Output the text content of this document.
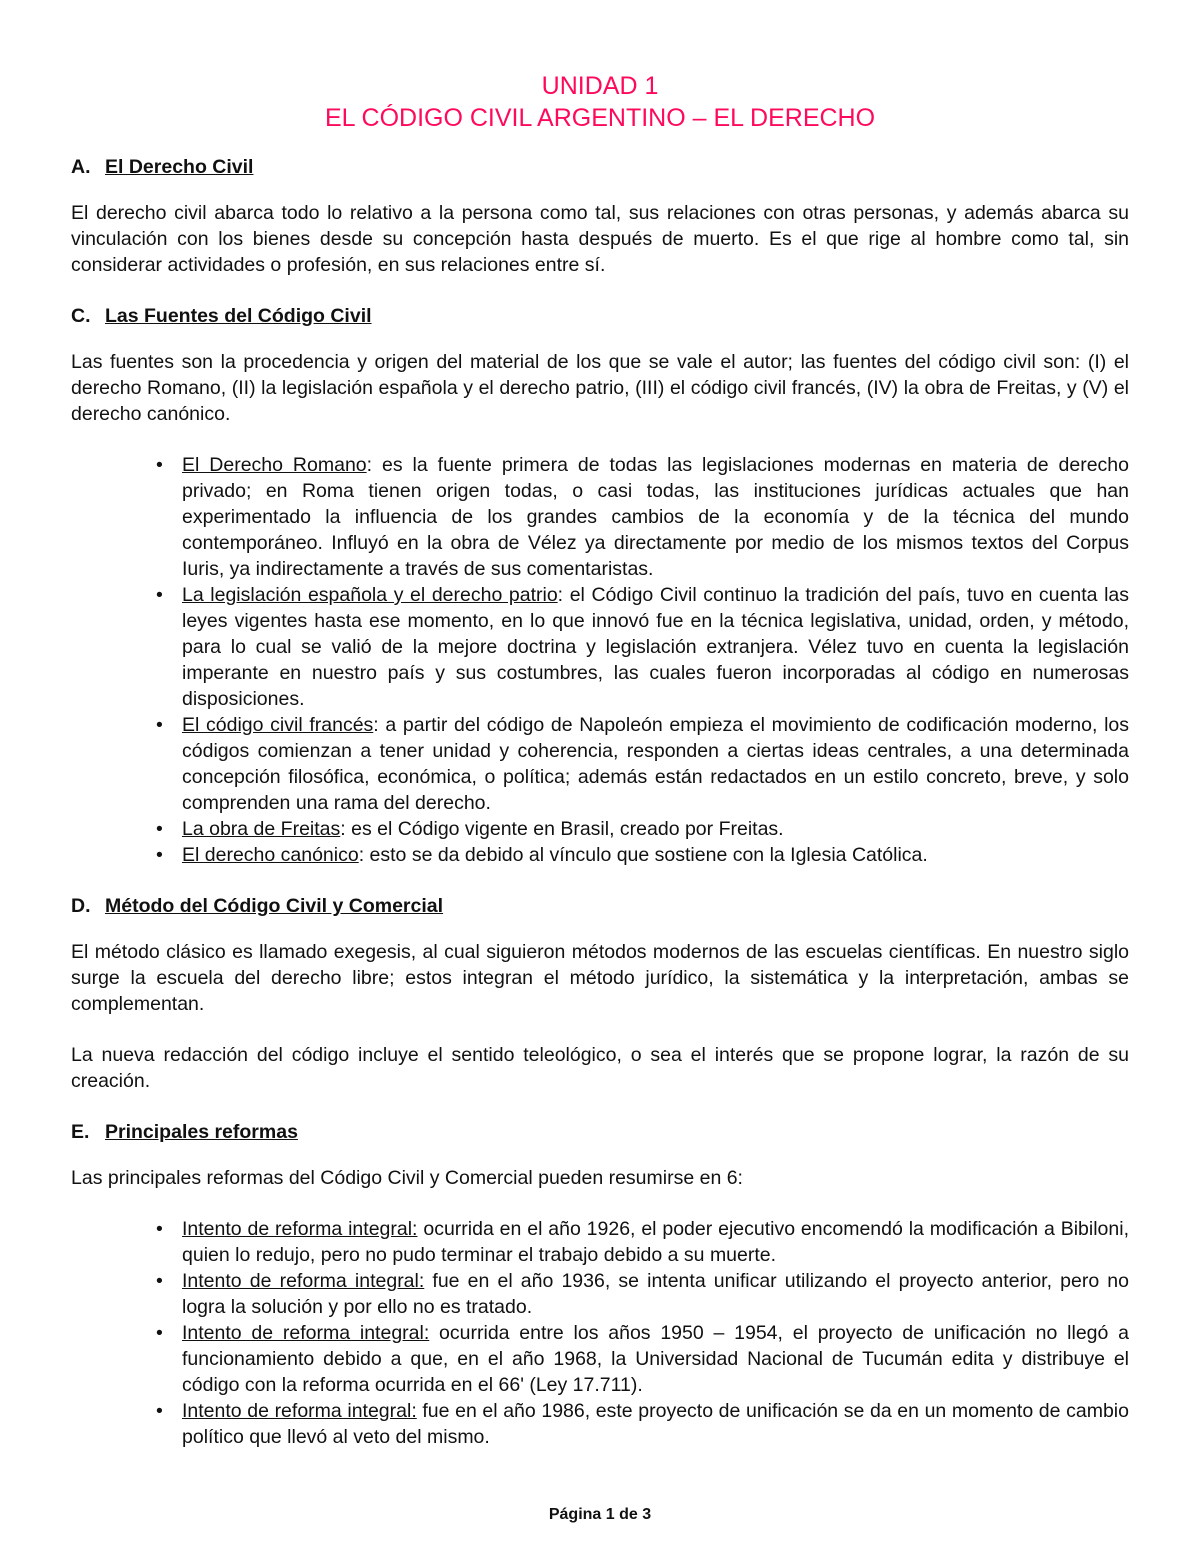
UNIDAD 1
EL CÓDIGO CIVIL ARGENTINO – EL DERECHO
A. El Derecho Civil

El derecho civil abarca todo lo relativo a la persona como tal, sus relaciones con otras personas, y además abarca su vinculación con los bienes desde su concepción hasta después de muerto. Es el que rige al hombre como tal, sin considerar actividades o profesión, en sus relaciones entre sí.

C. Las Fuentes del Código Civil

Las fuentes son la procedencia y origen del material de los que se vale el autor; las fuentes del código civil son: (I) el derecho Romano, (II) la legislación española y el derecho patrio, (III) el código civil francés, (IV) la obra de Freitas, y (V) el derecho canónico.

• El Derecho Romano: es la fuente primera de todas las legislaciones modernas en materia de derecho privado; en Roma tienen origen todas, o casi todas, las instituciones jurídicas actuales que han experimentado la influencia de los grandes cambios de la economía y de la técnica del mundo contemporáneo. Influyó en la obra de Vélez ya directamente por medio de los mismos textos del Corpus Iuris, ya indirectamente a través de sus comentaristas.
• La legislación española y el derecho patrio: el Código Civil continuo la tradición del país, tuvo en cuenta las leyes vigentes hasta ese momento, en lo que innovó fue en la técnica legislativa, unidad, orden, y método, para lo cual se valió de la mejore doctrina y legislación extranjera. Vélez tuvo en cuenta la legislación imperante en nuestro país y sus costumbres, las cuales fueron incorporadas al código en numerosas disposiciones.
• El código civil francés: a partir del código de Napoleón empieza el movimiento de codificación moderno, los códigos comienzan a tener unidad y coherencia, responden a ciertas ideas centrales, a una determinada concepción filosófica, económica, o política; además están redactados en un estilo concreto, breve, y solo comprenden una rama del derecho.
• La obra de Freitas: es el Código vigente en Brasil, creado por Freitas.
• El derecho canónico: esto se da debido al vínculo que sostiene con la Iglesia Católica.
D. Método del Código Civil y Comercial

El método clásico es llamado exegesis, al cual siguieron métodos modernos de las escuelas científicas. En nuestro siglo surge la escuela del derecho libre; estos integran el método jurídico, la sistemática y la interpretación, ambas se complementan.

La nueva redacción del código incluye el sentido teleológico, o sea el interés que se propone lograr, la razón de su creación.

E. Principales reformas

Las principales reformas del Código Civil y Comercial pueden resumirse en 6:

• Intento de reforma integral: ocurrida en el año 1926, el poder ejecutivo encomendó la modificación a Bibiloni, quien lo redujo, pero no pudo terminar el trabajo debido a su muerte.
• Intento de reforma integral: fue en el año 1936, se intenta unificar utilizando el proyecto anterior, pero no logra la solución y por ello no es tratado.
• Intento de reforma integral: ocurrida entre los años 1950 – 1954, el proyecto de unificación no llegó a funcionamiento debido a que, en el año 1968, la Universidad Nacional de Tucumán edita y distribuye el código con la reforma ocurrida en el 66' (Ley 17.711).
• Intento de reforma integral: fue en el año 1986, este proyecto de unificación se da en un momento de cambio político que llevó al veto del mismo.
Página 1 de 3
